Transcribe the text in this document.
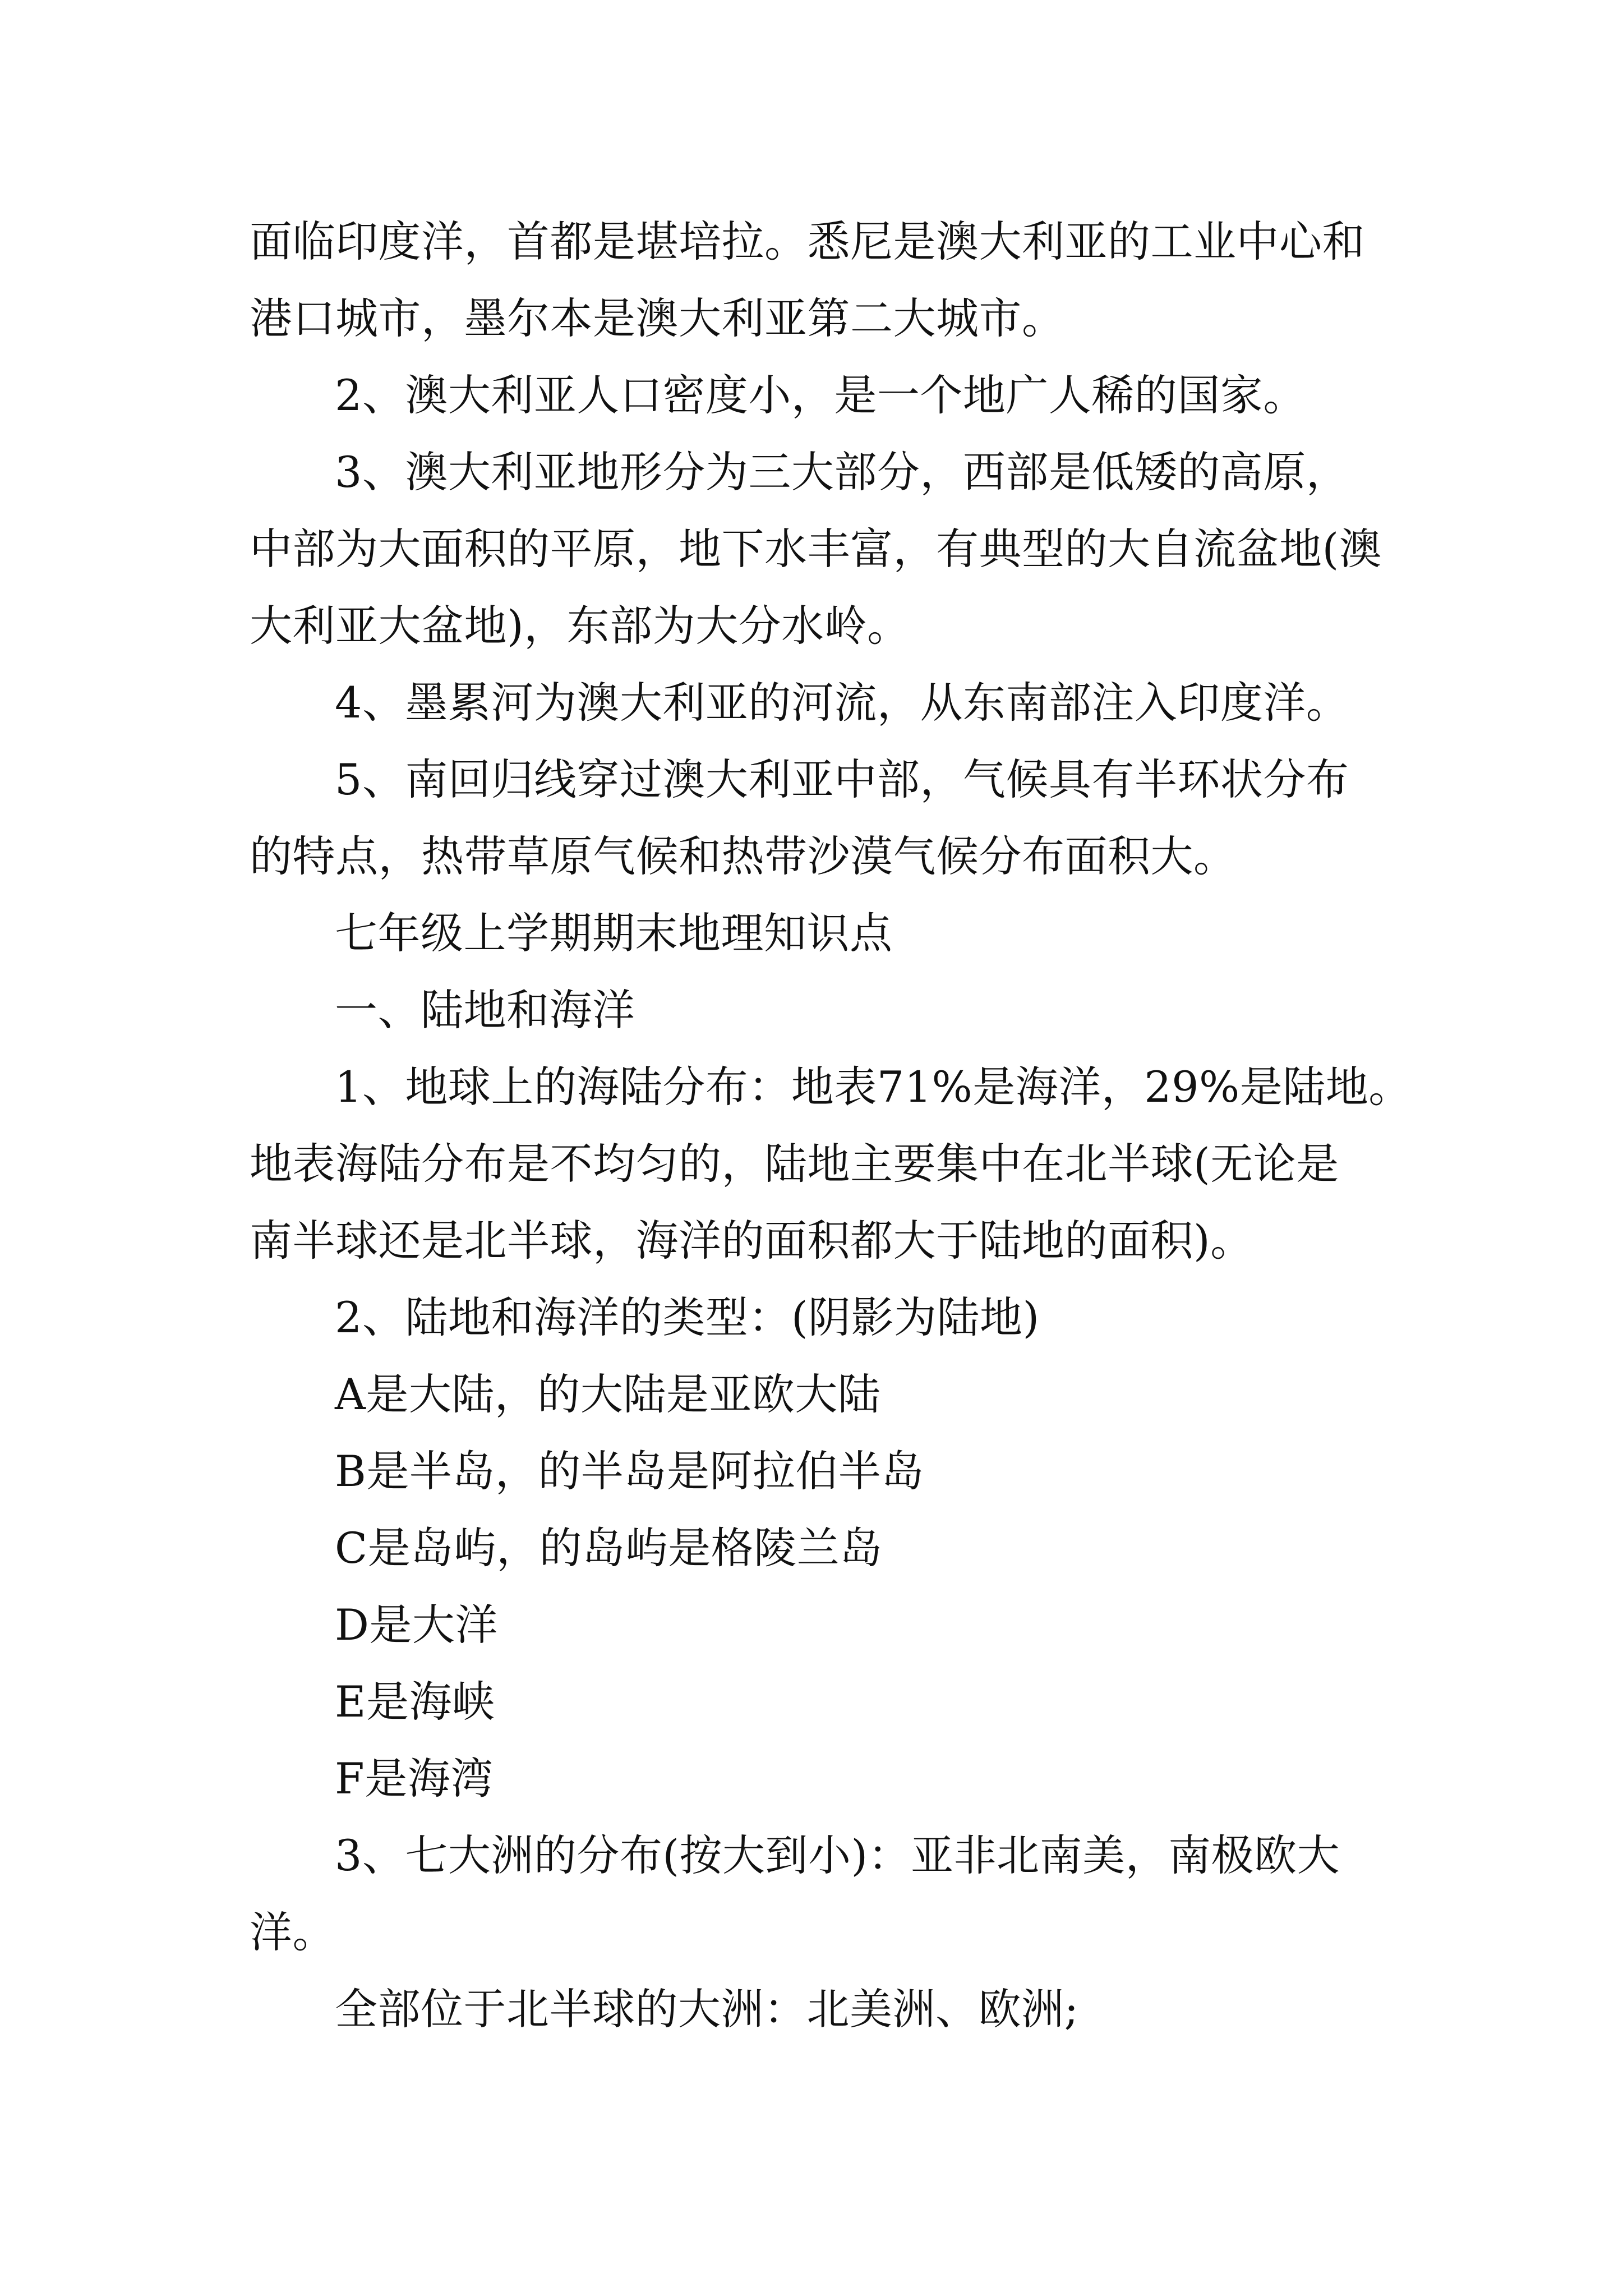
面临印度洋，首都是堪培拉。悉尼是澳大利亚的工业中心和
港口城市，墨尔本是澳大利亚第二大城市。
2、澳大利亚人口密度小，是一个地广人稀的国家。
3、澳大利亚地形分为三大部分，西部是低矮的高原，
中部为大面积的平原，地下水丰富，有典型的大自流盆地(澳
大利亚大盆地)，东部为大分水岭。
4、墨累河为澳大利亚的河流，从东南部注入印度洋。
5、南回归线穿过澳大利亚中部，气候具有半环状分布
的特点，热带草原气候和热带沙漠气候分布面积大。
七年级上学期期末地理知识点
一、陆地和海洋
1、地球上的海陆分布：地表71%是海洋，29%是陆地。
地表海陆分布是不均匀的，陆地主要集中在北半球(无论是
南半球还是北半球，海洋的面积都大于陆地的面积)。
2、陆地和海洋的类型：(阴影为陆地)
A是大陆，的大陆是亚欧大陆
B是半岛，的半岛是阿拉伯半岛
C是岛屿，的岛屿是格陵兰岛
D是大洋
E是海峡
F是海湾
3、七大洲的分布(按大到小)：亚非北南美，南极欧大
洋。
全部位于北半球的大洲：北美洲、欧洲;
